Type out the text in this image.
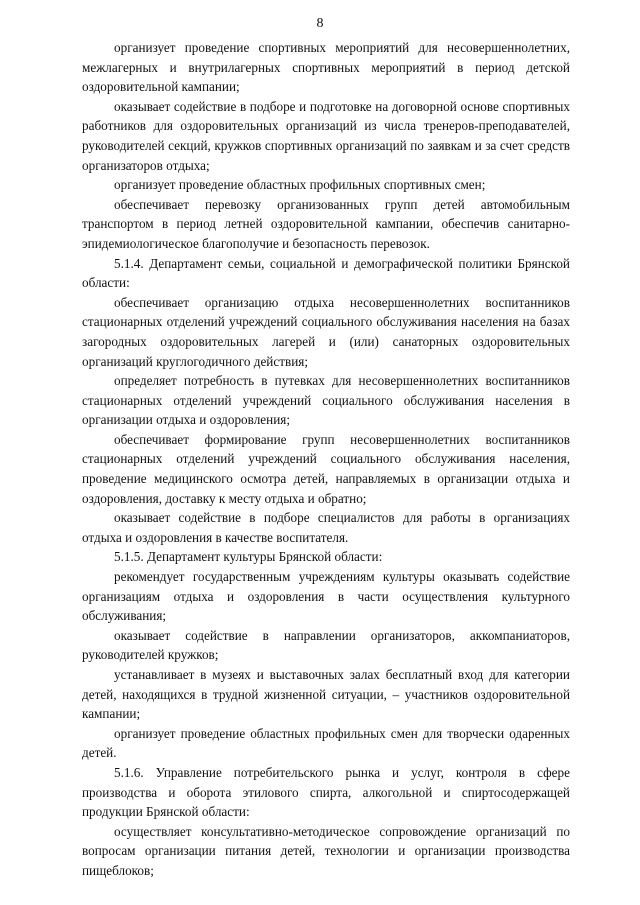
8

организует проведение спортивных мероприятий для несовершеннолетних, межлагерных и внутрилагерных спортивных мероприятий в период детской оздоровительной кампании;

оказывает содействие в подборе и подготовке на договорной основе спортивных работников для оздоровительных организаций из числа тренеров-преподавателей, руководителей секций, кружков спортивных организаций по заявкам и за счет средств организаторов отдыха;

организует проведение областных профильных спортивных смен;

обеспечивает перевозку организованных групп детей автомобильным транспортом в период летней оздоровительной кампании, обеспечив санитарно-эпидемиологическое благополучие и безопасность перевозок.

5.1.4. Департамент семьи, социальной и демографической политики Брянской области:

обеспечивает организацию отдыха несовершеннолетних воспитанников стационарных отделений учреждений социального обслуживания населения на базах загородных оздоровительных лагерей и (или) санаторных оздоровительных организаций круглогодичного действия;

определяет потребность в путевках для несовершеннолетних воспитанников стационарных отделений учреждений социального обслуживания населения в организации отдыха и оздоровления;

обеспечивает формирование групп несовершеннолетних воспитанников стационарных отделений учреждений социального обслуживания населения, проведение медицинского осмотра детей, направляемых в организации отдыха и оздоровления, доставку к месту отдыха и обратно;

оказывает содействие в подборе специалистов для работы в организациях отдыха и оздоровления в качестве воспитателя.

5.1.5. Департамент культуры Брянской области:

рекомендует государственным учреждениям культуры оказывать содействие организациям отдыха и оздоровления в части осуществления культурного обслуживания;

оказывает содействие в направлении организаторов, аккомпаниаторов, руководителей кружков;

устанавливает в музеях и выставочных залах бесплатный вход для категории детей, находящихся в трудной жизненной ситуации, – участников оздоровительной кампании;

организует проведение областных профильных смен для творчески одаренных детей.

5.1.6. Управление потребительского рынка и услуг, контроля в сфере производства и оборота этилового спирта, алкогольной и спиртосодержащей продукции Брянской области:

осуществляет консультативно-методическое сопровождение организаций по вопросам организации питания детей, технологии и организации производства пищеблоков;
